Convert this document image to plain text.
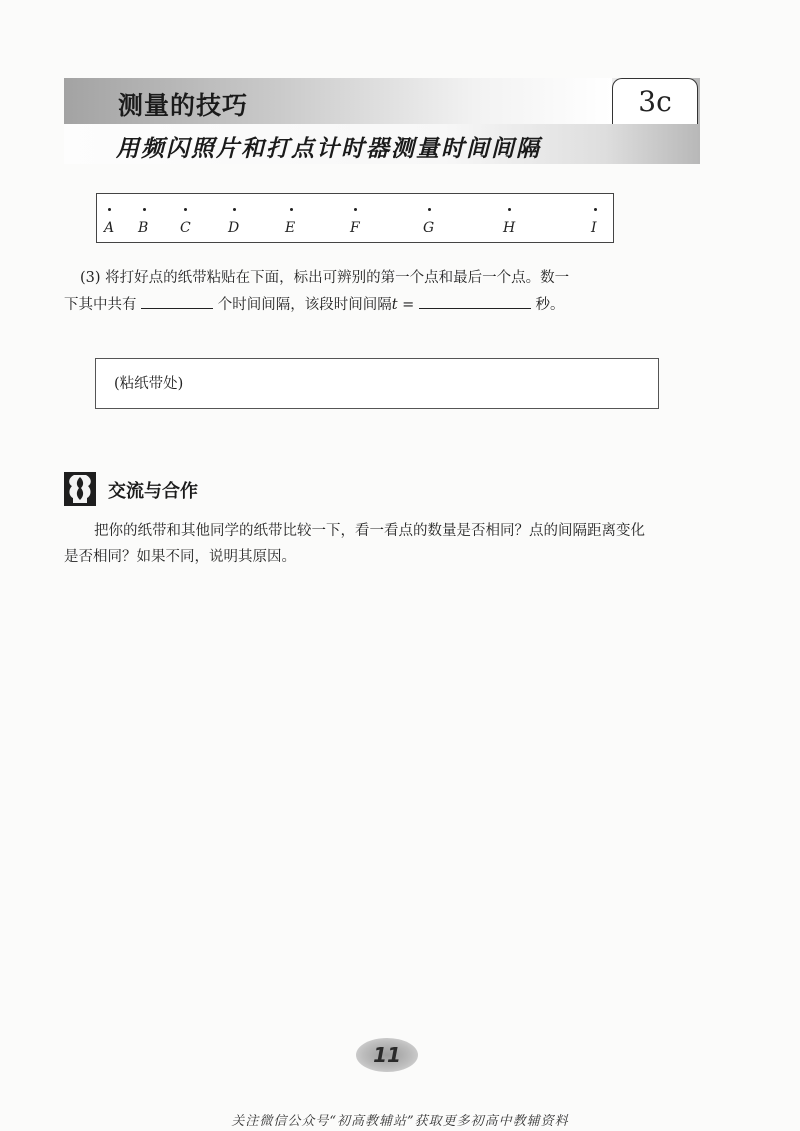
测量的技巧	3c
用频闪照片和打点计时器测量时间间隔
A B C	D	E	F	G	H	I
(3) 将打好点的纸带粘贴在下面，标出可辨别的第一个点和最后一个点。数一
下其中共有	个时间间隔，该段时间间隔t =	秒。
(粘纸带处)
交流与合作
把你的纸带和其他同学的纸带比较一下，看一看点的数量是否相同？点的间隔距离变化
是否相同？如果不同，说明其原因。
11
关注微信公众号“初高教辅站”获取更多初高中教辅资料
